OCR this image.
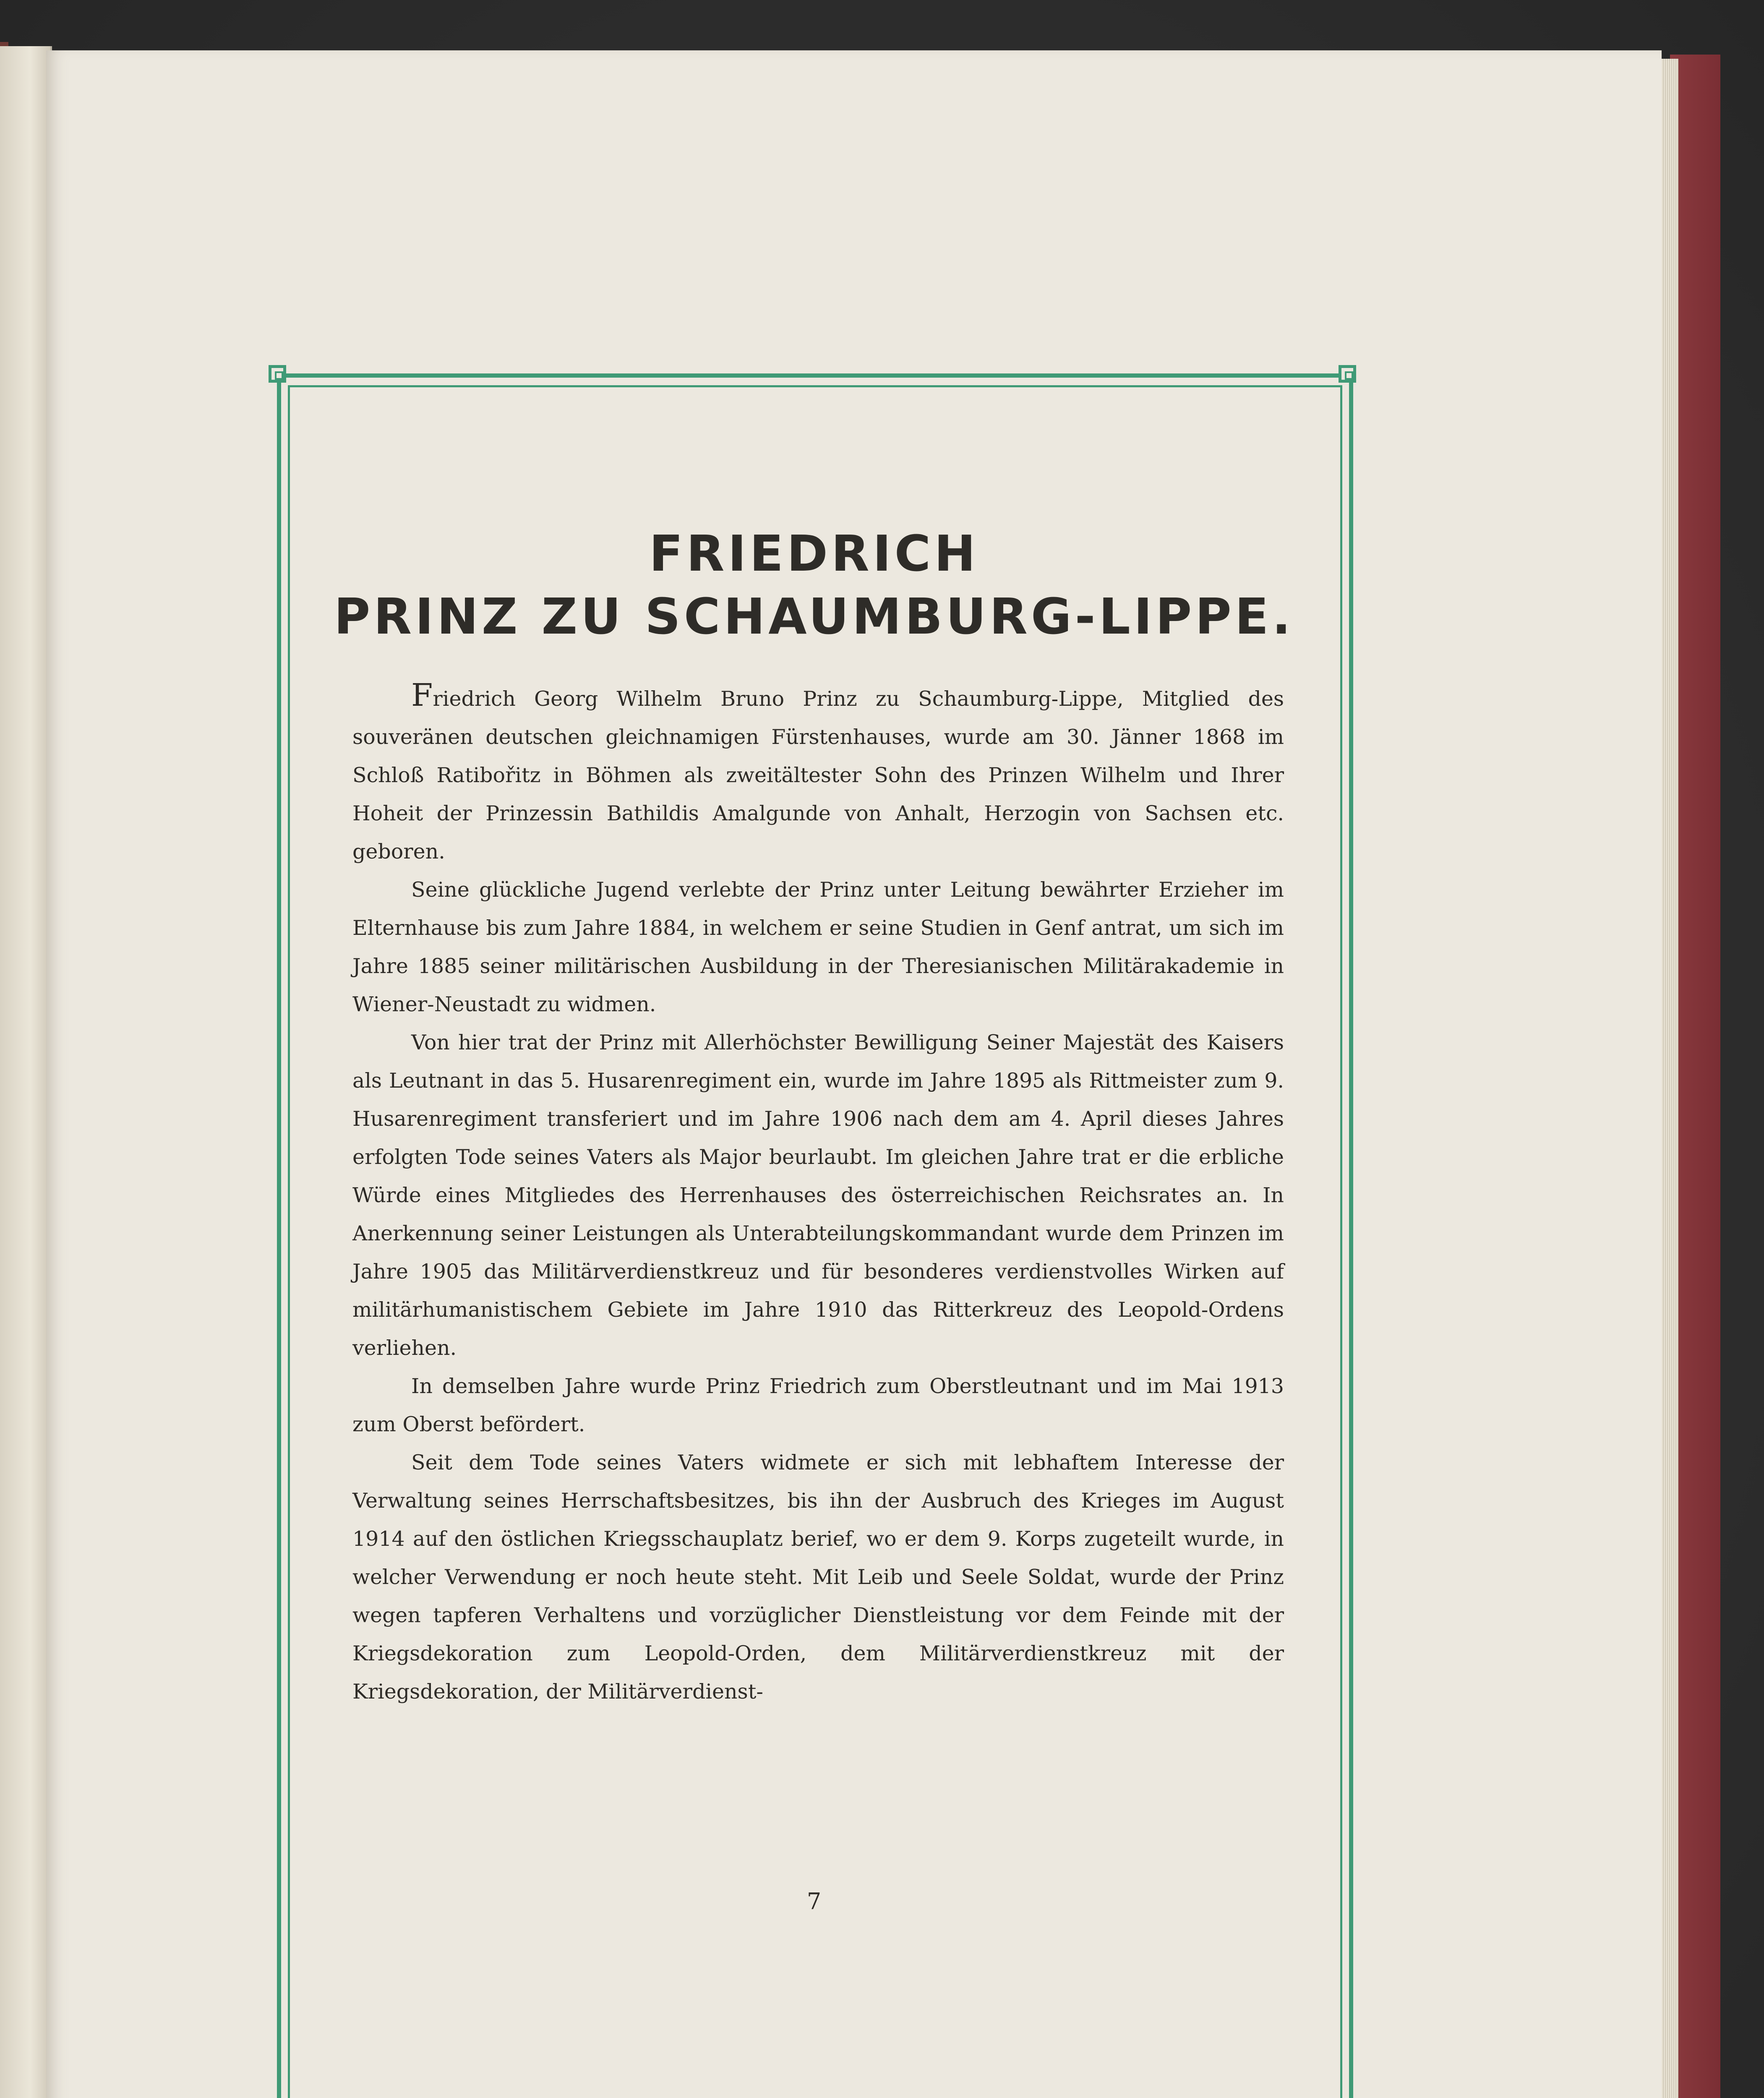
FRIEDRICH
PRINZ ZU SCHAUMBURG-LIPPE.

Friedrich Georg Wilhelm Bruno Prinz zu Schaumburg-Lippe, Mitglied des souveränen deutschen gleichnamigen Fürstenhauses, wurde am 30. Jänner 1868 im Schloß Ratibořitz in Böhmen als zweitältester Sohn des Prinzen Wilhelm und Ihrer Hoheit der Prinzessin Bathildis Amalgunde von Anhalt, Herzogin von Sachsen etc. geboren.

Seine glückliche Jugend verlebte der Prinz unter Leitung bewährter Erzieher im Elternhause bis zum Jahre 1884, in welchem er seine Studien in Genf antrat, um sich im Jahre 1885 seiner militärischen Ausbildung in der Theresianischen Militärakademie in Wiener-Neustadt zu widmen.

Von hier trat der Prinz mit Allerhöchster Bewilligung Seiner Majestät des Kaisers als Leutnant in das 5. Husarenregiment ein, wurde im Jahre 1895 als Rittmeister zum 9. Husarenregiment transferiert und im Jahre 1906 nach dem am 4. April dieses Jahres erfolgten Tode seines Vaters als Major beurlaubt. Im gleichen Jahre trat er die erbliche Würde eines Mitgliedes des Herrenhauses des österreichischen Reichsrates an. In Anerkennung seiner Leistungen als Unterabteilungskommandant wurde dem Prinzen im Jahre 1905 das Militärverdienstkreuz und für besonderes verdienstvolles Wirken auf militärhumanistischem Gebiete im Jahre 1910 das Ritterkreuz des Leopold-Ordens verliehen.

In demselben Jahre wurde Prinz Friedrich zum Oberstleutnant und im Mai 1913 zum Oberst befördert.

Seit dem Tode seines Vaters widmete er sich mit lebhaftem Interesse der Verwaltung seines Herrschaftsbesitzes, bis ihn der Ausbruch des Krieges im August 1914 auf den östlichen Kriegsschauplatz berief, wo er dem 9. Korps zugeteilt wurde, in welcher Verwendung er noch heute steht. Mit Leib und Seele Soldat, wurde der Prinz wegen tapferen Verhaltens und vorzüglicher Dienstleistung vor dem Feinde mit der Kriegsdekoration zum Leopold-Orden, dem Militärverdienstkreuz mit der Kriegsdekoration, der Militärverdienst-

7
